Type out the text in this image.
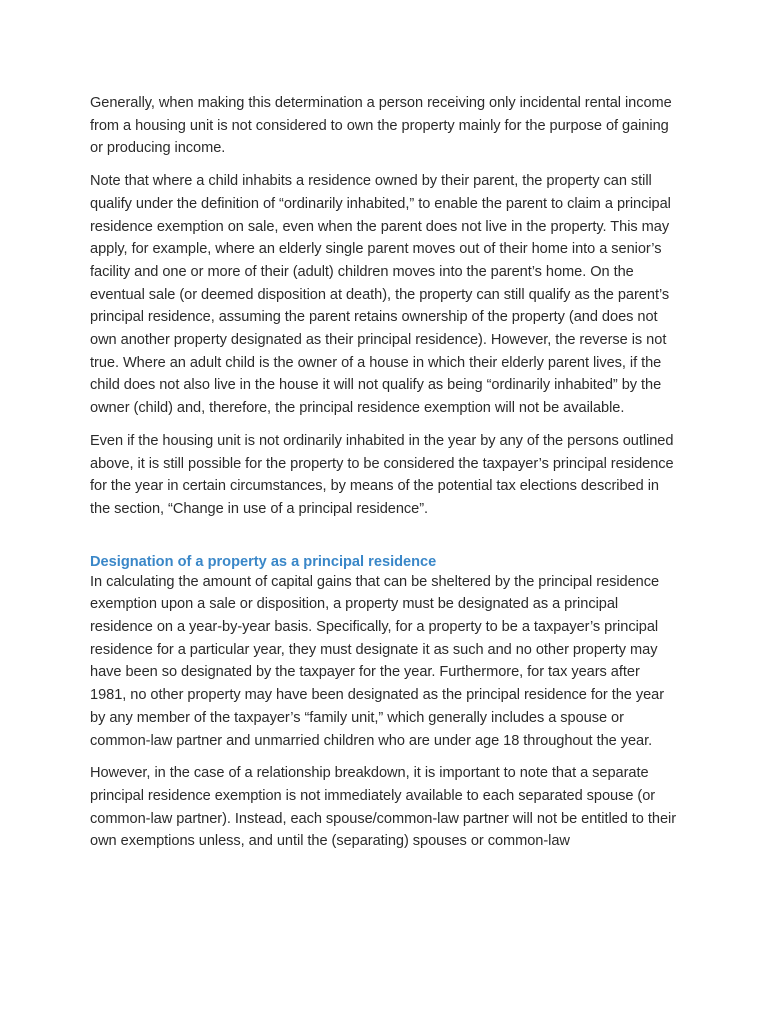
Generally, when making this determination a person receiving only incidental rental income from a housing unit is not considered to own the property mainly for the purpose of gaining or producing income.

Note that where a child inhabits a residence owned by their parent, the property can still qualify under the definition of “ordinarily inhabited,” to enable the parent to claim a principal residence exemption on sale, even when the parent does not live in the property. This may apply, for example, where an elderly single parent moves out of their home into a senior’s facility and one or more of their (adult) children moves into the parent’s home. On the eventual sale (or deemed disposition at death), the property can still qualify as the parent’s principal residence, assuming the parent retains ownership of the property (and does not own another property designated as their principal residence). However, the reverse is not true. Where an adult child is the owner of a house in which their elderly parent lives, if the child does not also live in the house it will not qualify as being “ordinarily inhabited” by the owner (child) and, therefore, the principal residence exemption will not be available.

Even if the housing unit is not ordinarily inhabited in the year by any of the persons outlined above, it is still possible for the property to be considered the taxpayer’s principal residence for the year in certain circumstances, by means of the potential tax elections described in the section, “Change in use of a principal residence”.

Designation of a property as a principal residence

In calculating the amount of capital gains that can be sheltered by the principal residence exemption upon a sale or disposition, a property must be designated as a principal residence on a year-by-year basis. Specifically, for a property to be a taxpayer’s principal residence for a particular year, they must designate it as such and no other property may have been so designated by the taxpayer for the year. Furthermore, for tax years after 1981, no other property may have been designated as the principal residence for the year by any member of the taxpayer’s “family unit,” which generally includes a spouse or common-law partner and unmarried children who are under age 18 throughout the year.

However, in the case of a relationship breakdown, it is important to note that a separate principal residence exemption is not immediately available to each separated spouse (or common-law partner). Instead, each spouse/common-law partner will not be entitled to their own exemptions unless, and until the (separating) spouses or common-law
